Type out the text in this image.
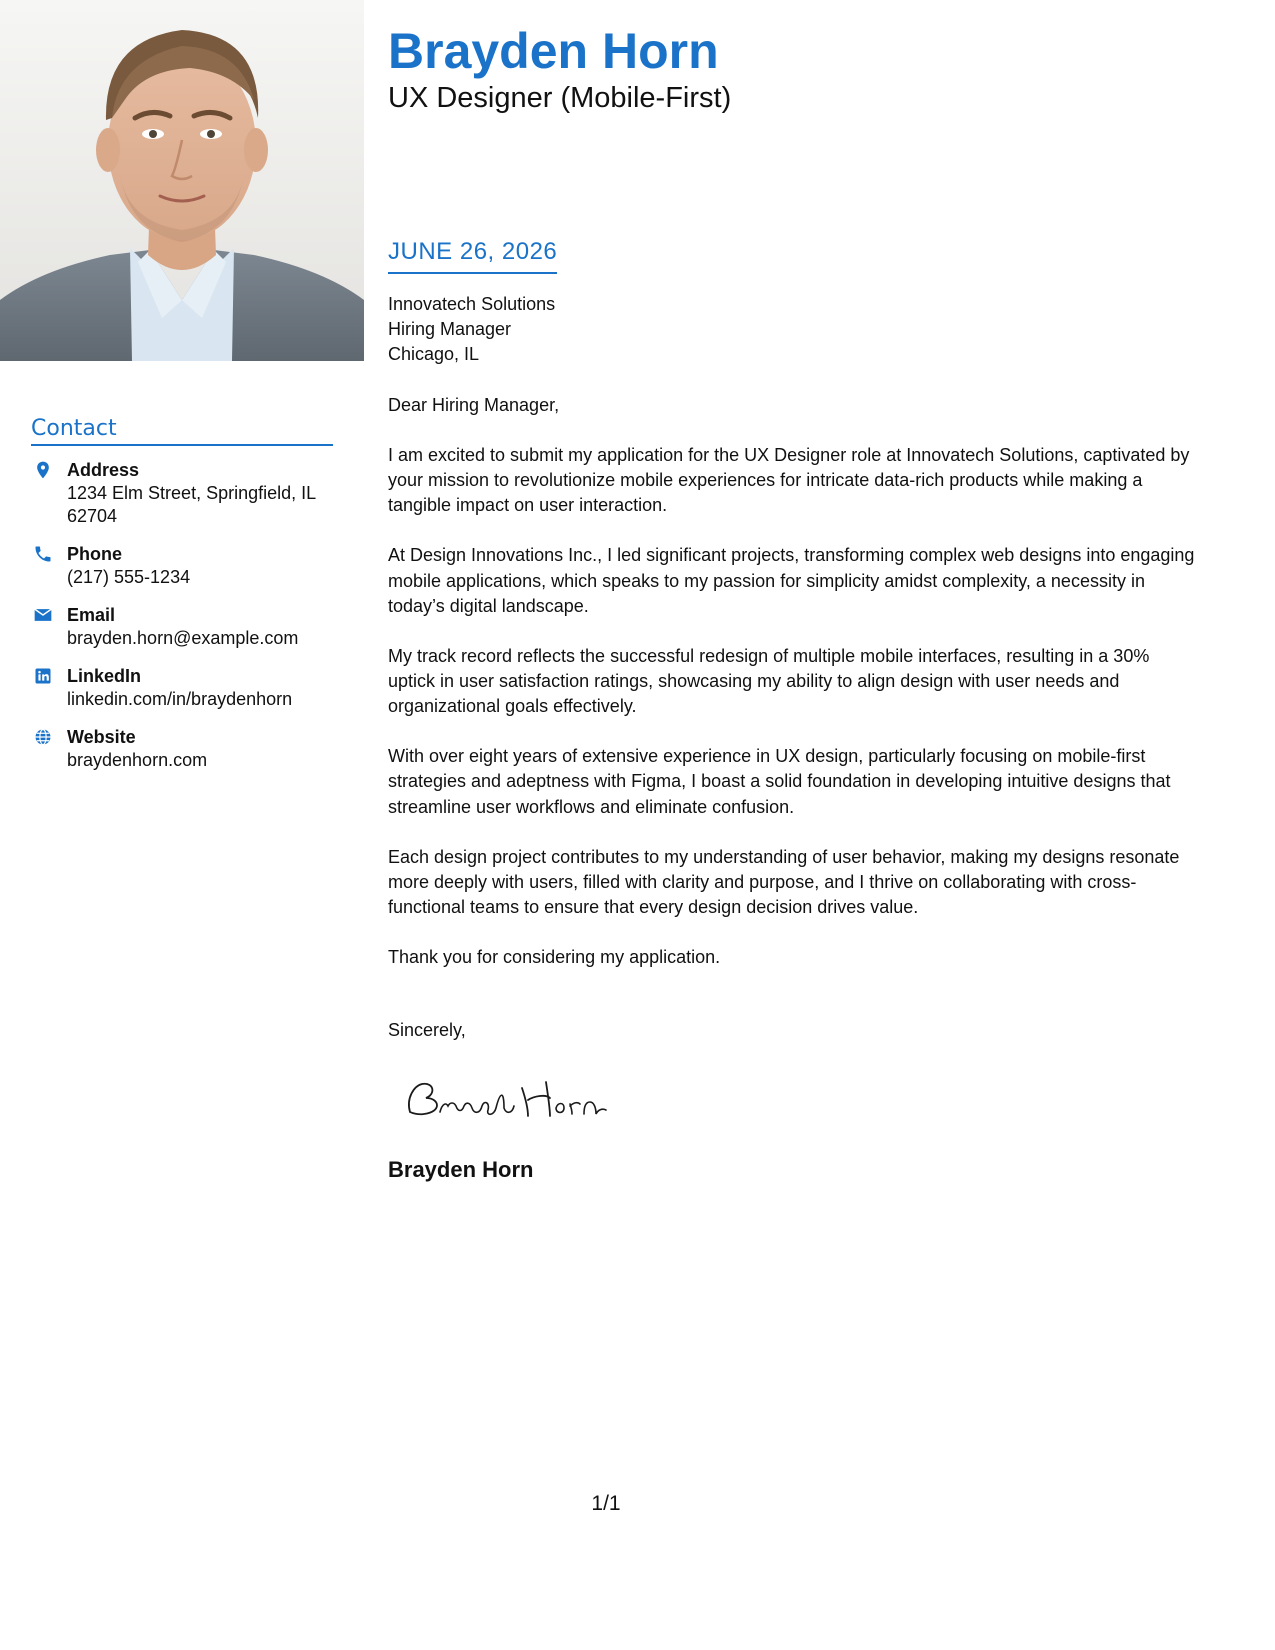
Contact
Address
1234 Elm Street, Springfield, IL 62704
Phone
(217) 555-1234
Email
brayden.horn@example.com
LinkedIn
linkedin.com/in/braydenhorn
Website
braydenhorn.com
Brayden Horn
UX Designer (Mobile-First)
JUNE 26, 2026
Innovatech Solutions
Hiring Manager
Chicago, IL

Dear Hiring Manager,

I am excited to submit my application for the UX Designer role at Innovatech Solutions, captivated by your mission to revolutionize mobile experiences for intricate data-rich products while making a tangible impact on user interaction.

At Design Innovations Inc., I led significant projects, transforming complex web designs into engaging mobile applications, which speaks to my passion for simplicity amidst complexity, a necessity in today’s digital landscape.

My track record reflects the successful redesign of multiple mobile interfaces, resulting in a 30% uptick in user satisfaction ratings, showcasing my ability to align design with user needs and organizational goals effectively.

With over eight years of extensive experience in UX design, particularly focusing on mobile-first strategies and adeptness with Figma, I boast a solid foundation in developing intuitive designs that streamline user workflows and eliminate confusion.

Each design project contributes to my understanding of user behavior, making my designs resonate more deeply with users, filled with clarity and purpose, and I thrive on collaborating with cross-functional teams to ensure that every design decision drives value.

Thank you for considering my application.

Sincerely,
Brayden Horn
1/1
